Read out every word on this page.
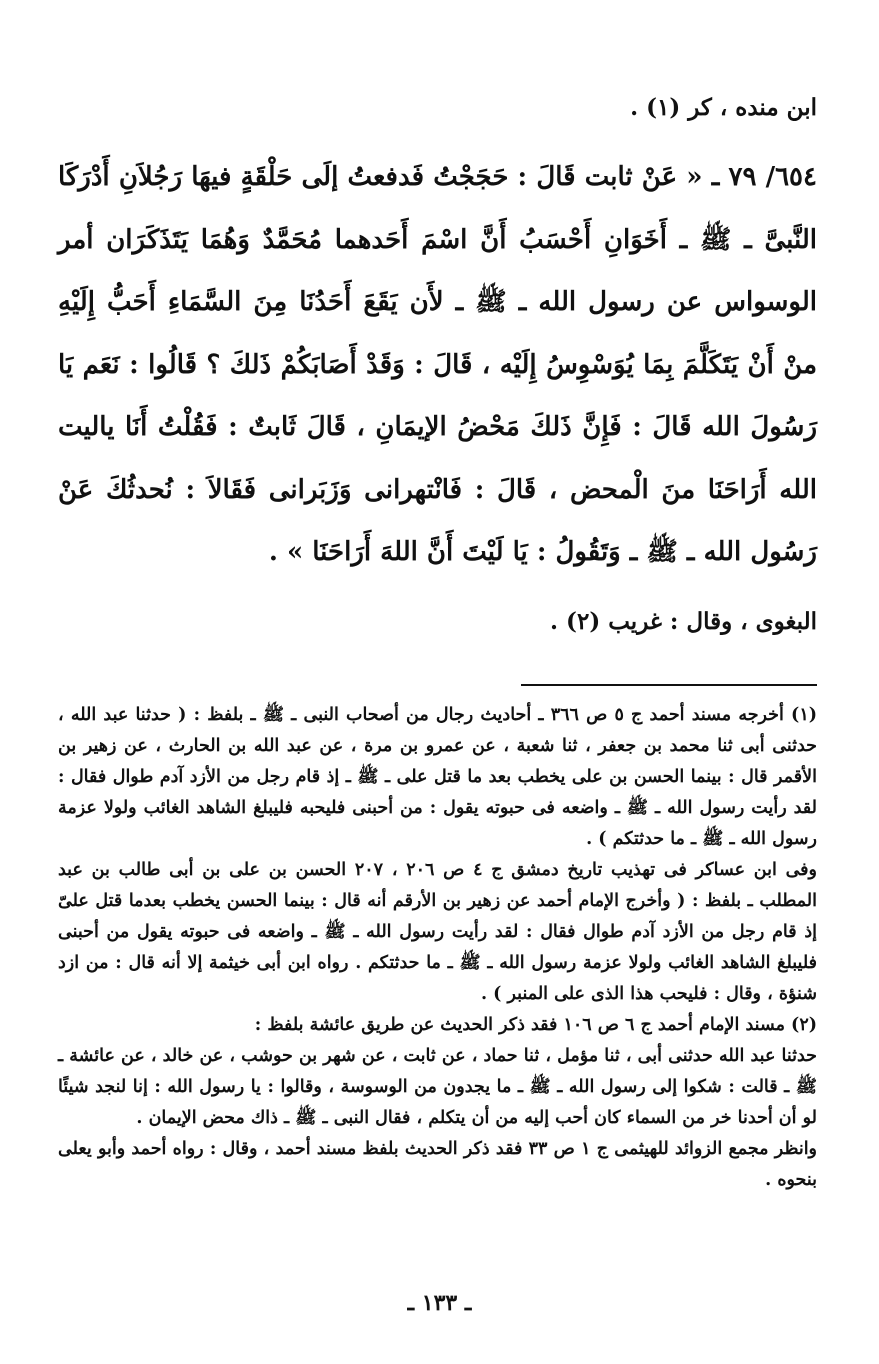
ابن منده ، كر (١) .

٦٥٤/ ٧٩ ـ « عَنْ ثابت قَالَ : حَجَجْتُ فَدفعتُ إلَى حَلْقَةٍ فيهَا رَجُلاَنِ أَدْرَكَا النَّبىَّ ـ ﷺ ـ أَخَوَانِ أَحْسَبُ أَنَّ اسْمَ أَحَدهما مُحَمَّدٌ وَهُمَا يَتَذَكَرَان أمر الوسواس عن رسول الله ـ ﷺ ـ لأَن يَقَعَ أَحَدُنَا مِنَ السَّمَاءِ أَحَبُّ إِلَيْهِ منْ أَنْ يَتَكَلَّمَ بِمَا يُوَسْوِسُ إِلَيْه ، قَالَ : وَقَدْ أَصَابَكُمْ ذَلكَ ؟ قَالُوا : نَعَم يَا رَسُولَ الله قَالَ : فَإِنَّ ذَلكَ مَحْضُ الإيمَانِ ، قَالَ ثَابتٌ : فَقُلْتُ أَنَا ياليت الله أَرَاحَنَا منَ الْمحض ، قَالَ : فَانْتهرانى وَزَبَرانى فَقَالاَ : نُحدثُكَ عَنْ رَسُول الله ـ ﷺ ـ وَتَقُولُ : يَا لَيْتَ أَنَّ اللهَ أَرَاحَنَا » .

البغوى ، وقال : غريب (٢) .

(١) أخرجه مسند أحمد ج ٥ ص ٣٦٦ ـ أحاديث رجال من أصحاب النبى ـ ﷺ ـ بلفظ : ( حدثنا عبد الله ، حدثنى أبى ثنا محمد بن جعفر ، ثنا شعبة ، عن عمرو بن مرة ، عن عبد الله بن الحارث ، عن زهير بن الأقمر قال : بينما الحسن بن على يخطب بعد ما قتل على ـ ﷺ ـ إذ قام رجل من الأزد آدم طوال فقال : لقد رأيت رسول الله ـ ﷺ ـ واضعه فى حبوته يقول : من أحبنى فليحبه فليبلغ الشاهد الغائب ولولا عزمة رسول الله ـ ﷺ ـ ما حدثتكم ) .

وفى ابن عساكر فى تهذيب تاريخ دمشق ج ٤ ص ٢٠٦ ، ٢٠٧ الحسن بن على بن أبى طالب بن عبد المطلب ـ بلفظ : ( وأخرج الإمام أحمد عن زهير بن الأرقم أنه قال : بينما الحسن يخطب بعدما قتل علىّ إذ قام رجل من الأزد آدم طوال فقال : لقد رأيت رسول الله ـ ﷺ ـ واضعه فى حبوته يقول من أحبنى فليبلغ الشاهد الغائب ولولا عزمة رسول الله ـ ﷺ ـ ما حدثتكم . رواه ابن أبى خيثمة إلا أنه قال : من ازد شنؤة ، وقال : فليحب هذا الذى على المنبر ) .

(٢) مسند الإمام أحمد ج ٦ ص ١٠٦ فقد ذكر الحديث عن طريق عائشة بلفظ :

حدثنا عبد الله حدثنى أبى ، ثنا مؤمل ، ثنا حماد ، عن ثابت ، عن شهر بن حوشب ، عن خالد ، عن عائشة ـ ﷺ ـ قالت : شكوا إلى رسول الله ـ ﷺ ـ ما يجدون من الوسوسة ، وقالوا : يا رسول الله : إنا لنجد شيئًا لو أن أحدنا خر من السماء كان أحب إليه من أن يتكلم ، فقال النبى ـ ﷺ ـ ذاك محض الإيمان .

وانظر مجمع الزوائد للهيثمى ج ١ ص ٣٣ فقد ذكر الحديث بلفظ مسند أحمد ، وقال : رواه أحمد وأبو يعلى بنحوه .

ـ ١٣٣ ـ
